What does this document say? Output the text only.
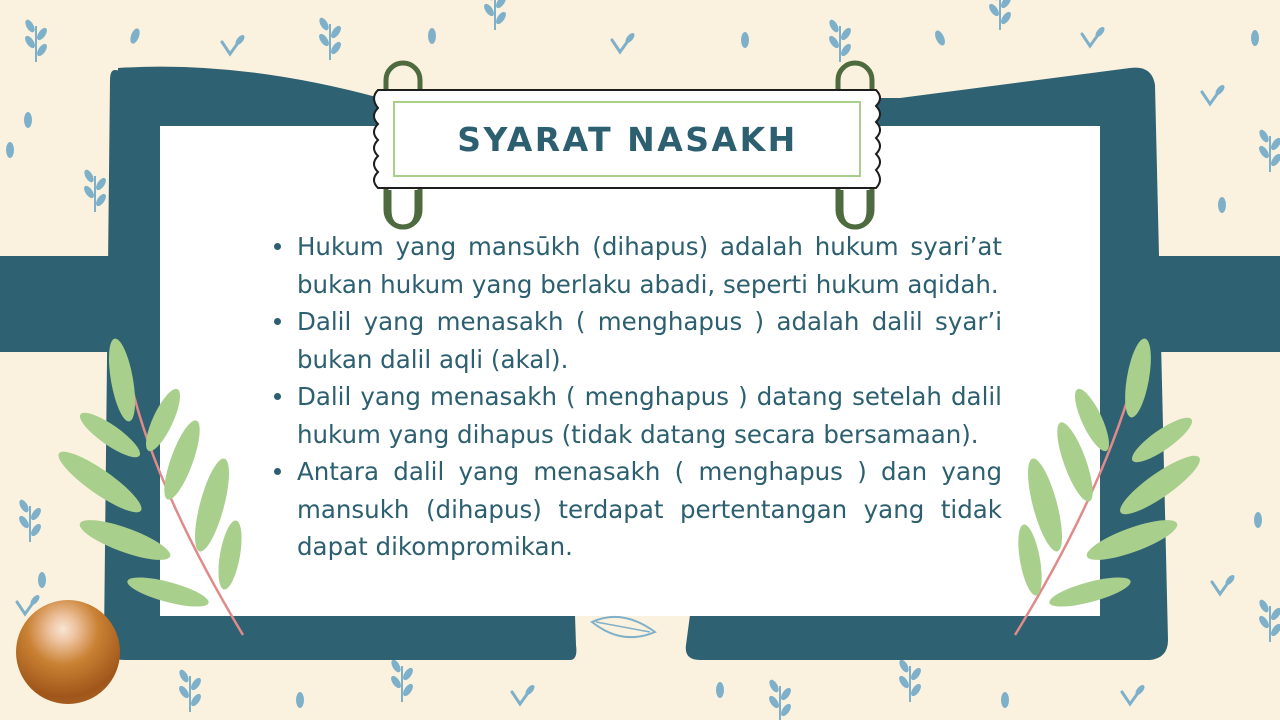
SYARAT NASAKH
Hukum yang mansūkh (dihapus) adalah hukum syari’at bukan hukum yang berlaku abadi, seperti hukum aqidah.
Dalil yang menasakh ( menghapus ) adalah dalil syar’i bukan dalil aqli (akal).
Dalil yang menasakh ( menghapus ) datang setelah dalil hukum yang dihapus (tidak datang secara bersamaan).
Antara dalil yang menasakh ( menghapus ) dan yang mansukh (dihapus) terdapat pertentangan yang tidak dapat dikompromikan.
